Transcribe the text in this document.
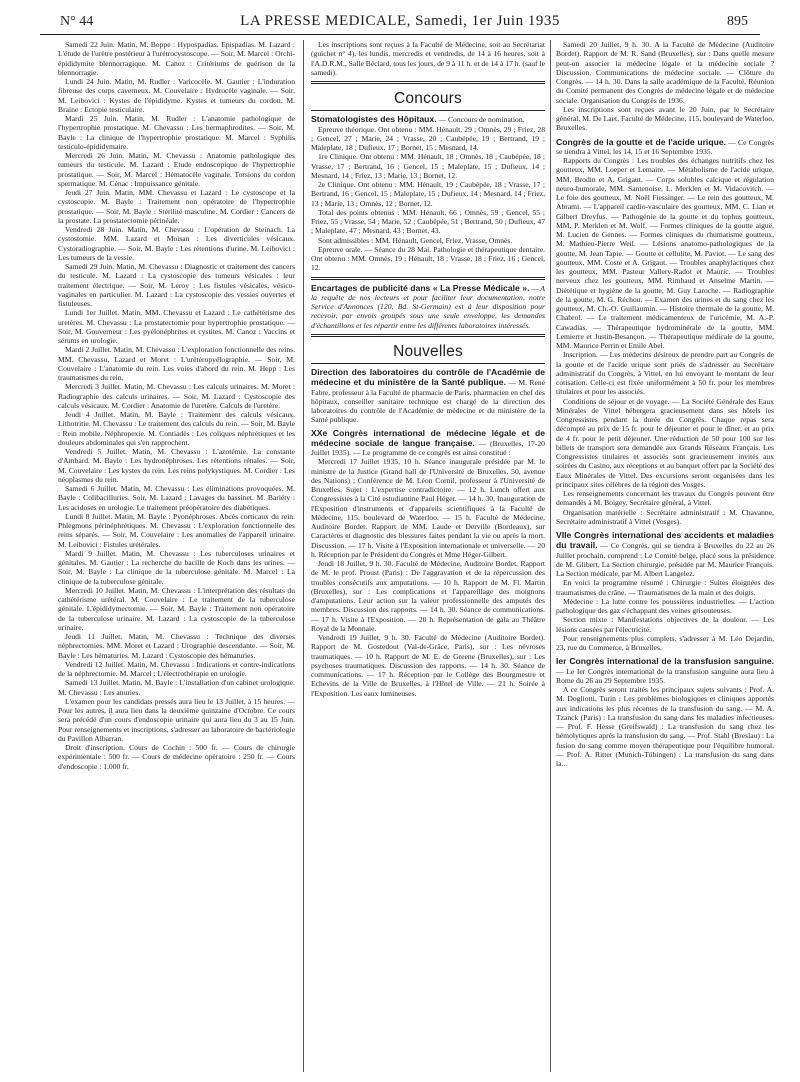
N° 44	LA PRESSE MEDICALE, Samedi, 1er Juin 1935	895

Samedi 22 Juin. Matin, M. Boppe : Hypospadias. Epispadias. M. Lazard : L'étude de l'urètre postérieur à l'urétrocystoscope. — Soir, M. Marcel : Orchi-épididymite blennorragique. M. Canoz : Critériums de guérison de la blennorragie.

Lundi 24 Juin. Matin, M. Rudler : Varicocèle. M. Gautier : L'induration fibreuse des corps caverneux. M. Couvelaire : Hydrocèle vaginale. — Soir, M. Leibovici : Kystes de l'épididyme. Kystes et tumeurs du cordon. M. Braine : Ectopie testiculaire.

Mardi 25 Juin. Matin, M. Rudler : L'anatomie pathologique de l'hypertrophie prostatique. M. Chevassu : Les hermaphrodites. — Soir, M. Bayle : La clinique de l'hypertrophie prostatique. M. Marcel : Syphilis testiculo-épididymaire.

Mercredi 26 Juin. Matin, M. Chevassu : Anatomie pathologique des tumeurs du testicule. M. Lazard : Etude endoscopique de l'hypertrophie prostatique. — Soir, M. Marcel : Hématocèle vaginale. Torsions du cordon spermatique. M. Cénac : Impuissance génitale.

Jeudi 27 Juin. Matin, MM. Chevassu et Lazard : Le cystoscope et la cystoscopie. M. Bayle : Traitement non opératoire de l'hypertrophie prostatique. — Soir, M. Bayle : Stérilité masculine. M. Cordier : Cancers de la prostate. La prostatectomie périnéale.

Vendredi 28 Juin. Matin, M. Chevassu : L'opération de Steinach. La cystostomie. MM. Lazard et Moisan : Les diverticules vésicaux. Cystoradiographie. — Soir, M. Bayle : Les rétentions d'urine. M. Leibovici : Les tumeurs de la vessie.

Samedi 29 Juin. Matin, M. Chevassu : Diagnostic et traitement des cancers du testicule. M. Lazard : La cystoscopie des tumeurs vésicales : leur traitement électrique. — Soir, M. Leroy : Les fistules vésicales, vésico-vaginales en particulier. M. Lazard : La cystoscopie des vessies ouvertes et fistuleuses.

Lundi 1er Juillet. Matin, MM. Chevassu et Lazard : Le cathétérisme des uretères. M. Chevassu : La prostatectomie pour hypertrophie prostatique. — Soir, M. Gouverneur : Les pyélonéphrites et cystites. M. Canoz : Vaccins et sérums en urologie.

Mardi 2 Juillet. Matin, M. Chevassu : L'exploration fonctionnelle des reins. MM. Chevassu, Lazard et Moret : L'urétéropyélographie. — Soir, M. Couvelaire : L'anatomie du rein. Les voies d'abord du rein. M. Hepp : Les traumatismes du rein.

Mercredi 3 Juillet. Matin, M. Chevassu : Les calculs urinaires. M. Moret : Radiographie des calculs urinaires. — Soir, M. Lazard : Cystoscopie des calculs vésicaux. M. Cordier : Anatomie de l'uretère. Calculs de l'uretère.

Jeudi 4 Juillet. Matin, M. Bayle : Traitement des calculs vésicaux. Lithotritie. M. Chevassu : Le traitement des calculs du rein. — Soir, M. Bayle : Rein mobile. Néphropexie. M. Contiadès : Les coliques néphrétiques et les douleurs abdominales qui s'en rapprochent.

Vendredi 5 Juillet. Matin, M. Chevassu : L'azotémie. La constante d'Ambard. M. Bayle : Les hydronéphroses. Les rétentions rénales. — Soir, M. Couvelaire : Les kystes du rein. Les reins polykystiques. M. Cordier : Les néoplasmes du rein.

Samedi 6 Juillet. Matin, M. Chevassu : Les éliminations provoquées. M. Bayle : Colibacilluries. Soir, M. Lazard : Lavages du bassinet. M. Bariéty : Les acidoses en urologie. Le traitement préopératoire des diabétiques.

Lundi 8 Juillet. Matin, M. Bayle : Pyonéphroses. Abcès corticaux du rein. Phlegmons périnéphrétiques. M. Chevassu : L'exploration fonctionnelle des reins séparés. — Soir, M. Couvelaire : Les anomalies de l'appareil urinaire. M. Leibovici : Fistules urétérales.

Mardi 9 Juillet. Matin, M. Chevassu : Les tuberculoses urinaires et génitales. M. Gautier : La recherche du bacille de Koch dans les urines. — Soir, M. Bayle : La clinique de la tuberculose génitale. M. Marcel : La clinique de la tuberculose génitale.

Mercredi 10 Juillet. Matin, M. Chevassu : L'interprétation des résultats du cathétérisme urétéral. M. Couvelaire : Le traitement de la tuberculose génitale. L'épididymectomie. — Soir, M. Bayle : Traitement non opératoire de la tuberculose urinaire. M. Lazard : La cystoscopie de la tuberculose urinaire.

Jeudi 11 Juillet. Matin, M. Chevassu : Technique des diverses néphrectomies. MM. Moret et Lazard : Urographie descendante. — Soir, M. Bayle : Les hématuries. M. Lazard : Cystoscopie des hématuries.

Vendredi 12 Juillet. Matin, M. Chevassu : Indications et contre-indications de la néphrectomie. M. Marcel : L'électrothérapie en urologie.

Samedi 13 Juillet. Matin, M. Bayle : L'installation d'un cabinet urologique. M. Chevassu : Les anuries.

L'examen pour les candidats pressés aura lieu le 13 Juillet, à 15 heures. — Pour les autres, il aura lieu dans la deuxième quinzaine d'Octobre. Ce cours sera précédé d'un cours d'endoscopie urinaire qui aura lieu du 3 au 15 Juin. Pour renseignements et inscriptions, s'adresser au laboratoire de bactériologie du Pavillon Albarran.

Droit d'inscription. Cours de Cochin : 500 fr. — Cours de chirurgie expérimentale : 500 fr. — Cours de médecine opératoire : 250 fr. — Cours d'endoscopie : 1.000 fr.

Les inscriptions sont reçues à la Faculté de Médecine, soit au Secrétariat (guichet n° 4), les lundis, mercredis et vendredis, de 14 à 16 heures, soit à l'A.D.R.M., Salle Béclard, tous les jours, de 9 à 11 h. et de 14 à 17 h. (sauf le samedi).

Concours

Stomatologistes des Hôpitaux. — Concours de nomination.

Epreuve théorique. Ont obtenu : MM. Hénault, 29 ; Omnès, 29 ; Friez, 28 ; Gencel, 27 ; Marie, 24 ; Vrasse, 20 ; Caubépée, 19 ; Bertrand, 19 ; Maleplate, 18 ; Dufieux, 17 ; Bornet, 15 ; Mesnard, 14.

1re Clinique. Ont obtenu : MM. Hénault, 18 ; Omnès, 18 ; Caubépée, 18 ; Vrasse, 17 ; Bertrand, 16 ; Gencel, 15 ; Maleplate, 15 ; Dufieux, 14 ; Mesnard, 14 ; Friez, 13 ; Marie, 13 ; Bornet, 12.

2e Clinique. Ont obtenu : MM. Hénault, 19 ; Caubépée, 18 ; Vrasse, 17 ; Bertrand, 16 ; Gencel, 15 ; Maleplate, 15 ; Dufieux, 14 ; Mesnard, 14 ; Friez, 13 ; Marie, 13 ; Omnès, 12 ; Bornet, 12.

Total des points obtenus : MM. Hénault, 66 ; Omnès, 59 ; Gencel, 55 ; Friez, 55 ; Vrasse, 54 ; Marie, 52 ; Caubépée, 51 ; Bertrand, 50 ; Dufieux, 47 ; Maleplate, 47 ; Mesnard, 43 ; Bornet, 43.

Sont admissibles : MM. Hénault, Gencel, Friez, Vrasse, Omnès.

Epreuve orale. — Séance du 28 Mai. Pathologie et thérapeutique dentaire. Ont obtenu : MM. Omnès, 19 ; Hénault, 18 ; Vrasse, 18 ; Friez, 16 ; Gencel, 12.

Encartages de publicité dans « La Presse Médicale ». — A la requête de nos lecteurs et pour faciliter leur documentation, notre Service d'Annonces (120, Bd. St-Germain) est à leur disposition pour recevoir, par envois groupés sous une seule enveloppe, les demandes d'échantillons et les répartir entre les différents laboratoires intéressés.

Nouvelles

Direction des laboratoires du contrôle de l'Académie de médecine et du ministère de la Santé publique. — M. René Fabre, professeur à la Faculté de pharmacie de Paris, pharmacien en chef des hôpitaux, conseiller sanitaire technique est chargé de la direction des laboratoires du contrôle de l'Académie de médecine et du ministère de la Santé publique.

XXe Congrès international de médecine légale et de médecine sociale de langue française. — (Bruxelles, 17-20 Juillet 1935). — Le programme de ce congrès est ainsi constitué :

Mercredi 17 Juillet 1935, 10 h. Séance inaugurale présidée par M. le ministre de la Justice (Grand hall de l'Université de Bruxelles, 50, avenue des Nations) ; Conférence de M. Léon Cornil, professeur à l'Université de Bruxelles. Sujet : L'expertise contradictoire. — 12 h. Lunch offert aux Congressistes à la Cité estudiantine Paul Héger. — 14 h. 30, Inauguration de l'Exposition d'instruments et d'appareils scientifiques à la Faculté de Médecine, 115, boulevard de Waterloo. — 15 h. Faculté de Médecine, Auditoire Bordet. Rapport de MM. Laude et Derville (Bordeaux), sur Caractères et diagnostic des blessures faites pendant la vie ou après la mort. Discussion. — 17 h. Visite à l'Exposition internationale et universelle. — 20 h. Réception par le Président du Congrès et Mme Héger-Gilbert.

Jeudi 18 Juillet, 9 h. 30. Faculté de Médecine, Auditoire Bordet. Rapport de M. le prof. Proust (Paris) : De l'aggravation et de la répercussion des troubles consécutifs aux amputations. — 10 h. Rapport de M. Fl. Martin (Bruxelles), sur : Les complications et l'appareillage des moignons d'amputations. Leur action sur la valeur professionnelle des amputés des membres. Discussion des rapports. — 14 h. 30. Séance de communications. — 17 h. Visite à l'Exposition. — 20 h. Représentation de gala au Théâtre Royal de la Monnaie.

Vendredi 19 Juillet, 9 h. 30. Faculté de Médecine (Auditoire Bordet). Rapport de M. Gostedout (Val-de-Grâce, Paris), sur : Les névroses traumatiques. — 10 h. Rapport de M. E. de Greene (Bruxelles), sur : Les psychoses traumatiques. Discussion des rapports. — 14 h. 30. Séance de communications. — 17 h. Réception par le Collège des Bourgmestre et Echevins de la Ville de Bruxelles, à l'Hôtel de Ville. — 21 h. Soirée à l'Exposition. Les eaux lumineuses.

Samedi 20 Juillet, 9 h. 30. A la Faculté de Médecine (Auditoire Bordet). Rapport de M. R. Sand (Bruxelles), sur : Dans quelle mesure peut-on associer la médecine légale et la médecine sociale ? Discussion. Communications de médecine sociale. — Clôture du Congrès. — 14 h. 30. Dans la salle académique de la Faculté, Réunion du Comité permanent des Congrès de médecine légale et de médecine sociale. Organisation du Congrès de 1936.

Les inscriptions sont reçues avant le 20 Juin, par le Secrétaire général, M. De Laet, Faculté de Médecine, 115, boulevard de Waterloo, Bruxelles.

Congrès de la goutte et de l'acide urique. — Ce Congrès se tiendra à Vittel, les 14, 15 et 16 Septembre 1935.

Rapports du Congrès : Les troubles des échanges nutritifs chez les goutteux, MM. Loeper et Lemaire. — Métabolisme de l'acide urique, MM. Brodin et A. Grigaut. — Corps solubles calcique et régulation neuro-humorale, MM. Santenoise, L. Merklen et M. Vidacovitch. — Le foie des goutteux, M. Noël Fiessinger. — Le rein des goutteux, M. Abrami. — L'appareil cardio-vasculaire des goutteux, MM. C. Lian et Gilbert Dreyfus. — Pathogénie de la goutte et du tophus goutteux, MM. P. Merklen et M. Wolf. — Formes cliniques de la goutte aiguë, M. Lucien de Gennes. — Formes cliniques du rhumatisme goutteux, M. Mathieu-Pierre Weil. — Lésions anatomo-pathologiques de la goutte, M. Jean Tapie. — Goutte et cellulite, M. Paviot. — Le sang des goutteux, MM. Coste et A. Grigaut. — Troubles anaphylactiques chez les goutteux, MM. Pasteur Vallery-Radot et Mauric. — Troubles nerveux chez les goutteux, MM. Rimbaud et Anselme Martin. — Diététique et hygiène de la goutte, M. Guy Laroche. — Radiographie de la goutte, M. G. Réchou. — Examen des urines et du sang chez les goutteux, M. Ch.-O. Guillaumin. — Histoire thermale de la goutte, M. Chabrol. — Le traitement médicamenteux de l'uricémie, M. A.-P. Cawadias. — Thérapeutique hydrominérale de la goutte, MM. Lemierre et Justin-Besançon. — Thérapeutique médicale de la goutte, MM. Maurice Perrin et Emile Abel.

Inscription. — Les médecins désireux de prendre part au Congrès de la goutte et de l'acide urique sont priés de s'adresser au Secrétaire administratif du Congrès, à Vittel, en lui envoyant le montant de leur cotisation. Celle-ci est fixée uniformément à 50 fr. pour les membres titulaires et pour les associés.

Conditions de séjour et de voyage. — La Société Générale des Eaux Minérales de Vittel hébergera gracieusement dans ses hôtels les Congressistes pendant la durée du Congrès. Chaque repas sera décompté au prix de 15 fr. pour le déjeuner et pour le dîner, et au prix de 4 fr. pour le petit déjeuner. Une réduction de 50 pour 100 sur les billets de transport sera demandée aux Grands Réseaux Français. Les Congressistes titulaires et associés sont gracieusement invités aux soirées du Casino, aux réceptions et au banquet offert par la Société des Eaux Minérales de Vittel. Des excursions seront organisées dans les principaux sites célèbres de la région des Vosges.

Les renseignements concernant les travaux du Congrès peuvent être demandés à M. Boigey, Secrétaire général, à Vittel.

Organisation matérielle : Secrétaire administratif : M. Chavanne, Secrétaire administratif à Vittel (Vosges).

VIIe Congrès international des accidents et maladies du travail. — Ce Congrès, qui se tiendra à Bruxelles du 22 au 26 Juillet prochain, comprend : Le Comité belge, placé sous la présidence de M. Glibert, La Section chirurgie, présidée par M. Maurice François. La Section médicale, par M. Albert Langelez.

En voici la programme résumé : Chirurgie : Suites éloignées des traumatismes du crâne. — Traumatismes de la main et des doigts.

Médecine : La lutte contre les poussières industrielles. — L'action pathologique des gaz s'échappant des veines grisouteuses.

Section mixte : Manifestations objectives de la douleur. — Les lésions causées par l'électricité.

Pour renseignements plus complets, s'adresser à M. Léo Dejardin, 23, rue du Commerce, à Bruxelles.

Ier Congrès international de la transfusion sanguine. — Le Ier Congrès international de la transfusion sanguine aura lieu à Rome du 26 au 29 Septembre 1935.

A ce Congrès seront traités les principaux sujets suivants : Prof. A. M. Dogliotti, Turin : Les problèmes biologiques et cliniques apportés aux indications les plus récentes de la transfusion du sang. — M. A. Tzanck (Paris) : La transfusion du sang dans les maladies infectieuses. — Prof. F. Hesse (Greifswald) : La transfusion du sang chez les hémolytiques après la transfusion du sang. — Prof. Stahl (Breslau) : La fusion du sang comme moyen thérapeutique pour l'équilibre humoral. — Prof. A. Ritter (Munich-Tübingen) : La transfusion du sang dans la...
